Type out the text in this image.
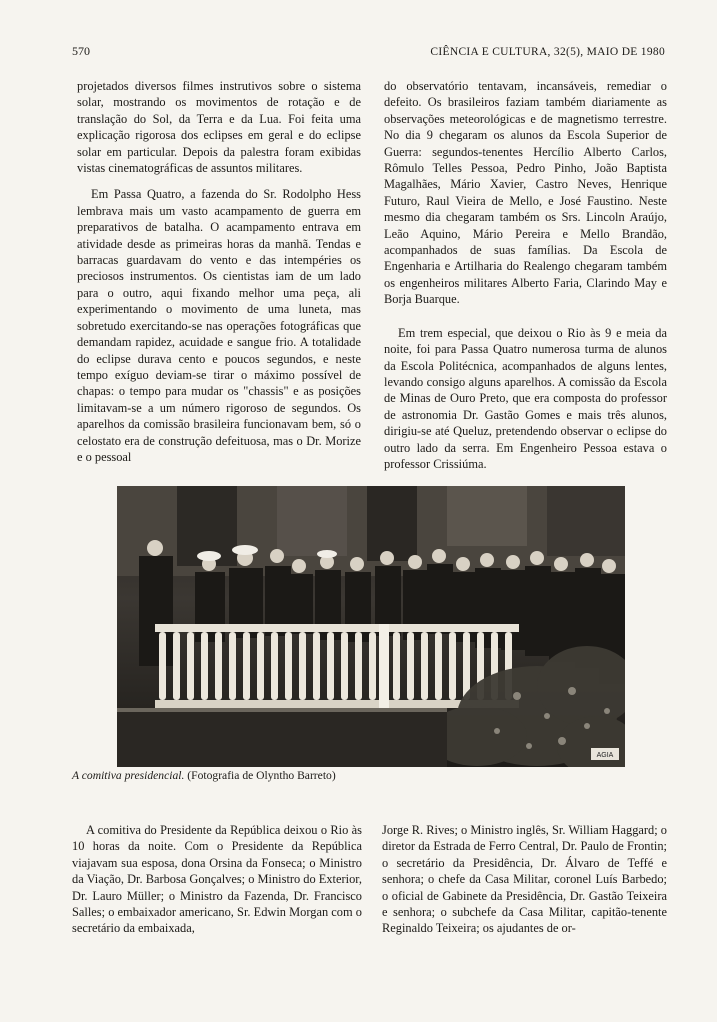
570	CIÊNCIA E CULTURA, 32(5), MAIO DE 1980

projetados diversos filmes instrutivos sobre o sistema solar, mostrando os movimentos de rotação e de translação do Sol, da Terra e da Lua. Foi feita uma explicação rigorosa dos eclipses em geral e do eclipse solar em particular. Depois da palestra foram exibidas vistas cinematográficas de assuntos militares.

Em Passa Quatro, a fazenda do Sr. Rodolpho Hess lembrava mais um vasto acampamento de guerra em preparativos de batalha. O acampamento entrava em atividade desde as primeiras horas da manhã. Tendas e barracas guardavam do vento e das intempéries os preciosos instrumentos. Os cientistas iam de um lado para o outro, aqui fixando melhor uma peça, ali experimentando o movimento de uma luneta, mas sobretudo exercitando-se nas operações fotográficas que demandam rapidez, acuidade e sangue frio. A totalidade do eclipse durava cento e poucos segundos, e neste tempo exíguo deviam-se tirar o máximo possível de chapas: o tempo para mudar os "chassis" e as posições limitavam-se a um número rigoroso de segundos. Os aparelhos da comissão brasileira funcionavam bem, só o celostato era de construção defeituosa, mas o Dr. Morize e o pessoal

do observatório tentavam, incansáveis, remediar o defeito. Os brasileiros faziam também diariamente as observações meteorológicas e de magnetismo terrestre. No dia 9 chegaram os alunos da Escola Superior de Guerra: segundos-tenentes Hercílio Alberto Carlos, Rômulo Telles Pessoa, Pedro Pinho, João Baptista Magalhães, Mário Xavier, Castro Neves, Henrique Futuro, Raul Vieira de Mello, e José Faustino. Neste mesmo dia chegaram também os Srs. Lincoln Araújo, Leão Aquino, Mário Pereira e Mello Brandão, acompanhados de suas famílias. Da Escola de Engenharia e Artilharia do Realengo chegaram também os engenheiros militares Alberto Faria, Clarindo May e Borja Buarque.

Em trem especial, que deixou o Rio às 9 e meia da noite, foi para Passa Quatro numerosa turma de alunos da Escola Politécnica, acompanhados de alguns lentes, levando consigo alguns aparelhos. A comissão da Escola de Minas de Ouro Preto, que era composta do professor de astronomia Dr. Gastão Gomes e mais três alunos, dirigiu-se até Queluz, pretendendo observar o eclipse do outro lado da serra. Em Engenheiro Pessoa estava o professor Crissiúma.

AGIA
A comitiva presidencial. (Fotografia de Olyntho Barreto)

A comitiva do Presidente da República deixou o Rio às 10 horas da noite. Com o Presidente da República viajavam sua esposa, dona Orsina da Fonseca; o Ministro da Viação, Dr. Barbosa Gonçalves; o Ministro do Exterior, Dr. Lauro Müller; o Ministro da Fazenda, Dr. Francisco Salles; o embaixador americano, Sr. Edwin Morgan com o secretário da embaixada,

Jorge R. Rives; o Ministro inglês, Sr. William Haggard; o diretor da Estrada de Ferro Central, Dr. Paulo de Frontin; o secretário da Presidência, Dr. Álvaro de Teffé e senhora; o chefe da Casa Militar, coronel Luís Barbedo; o oficial de Gabinete da Presidência, Dr. Gastão Teixeira e senhora; o subchefe da Casa Militar, capitão-tenente Reginaldo Teixeira; os ajudantes de or-
